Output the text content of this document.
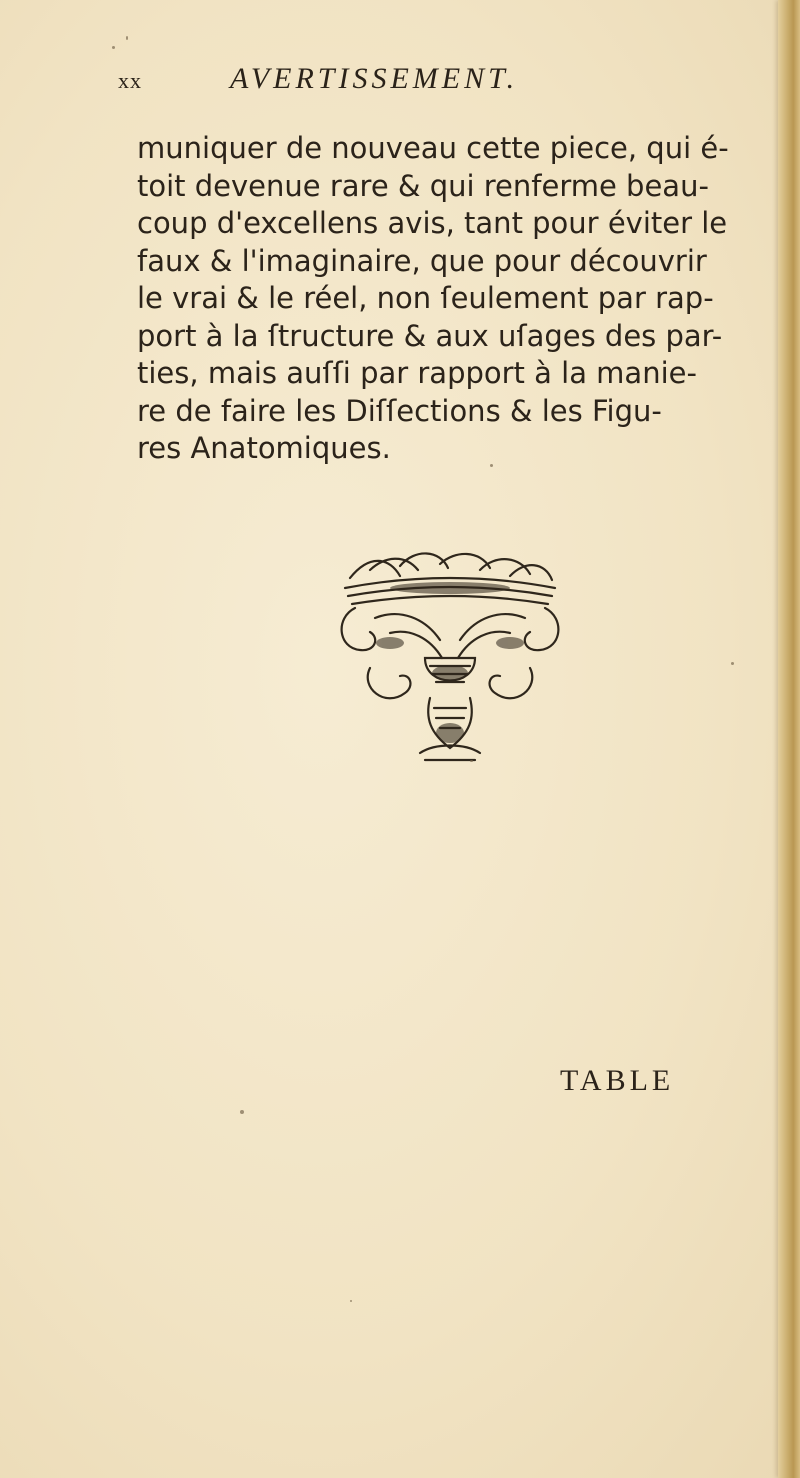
xx	AVERTISSEMENT.
muniquer de nouveau cette piece, qui é-
toit devenue rare & qui renferme beau-
coup d'excellens avis, tant pour éviter le
faux & l'imaginaire, que pour découvrir
le vrai & le réel, non ſeulement par rap-
port à la ſtructure & aux uſages des par-
ties, mais auſſi par rapport à la manie-
re de faire les Diſſections & les Figu-
res Anatomiques.
TABLE
